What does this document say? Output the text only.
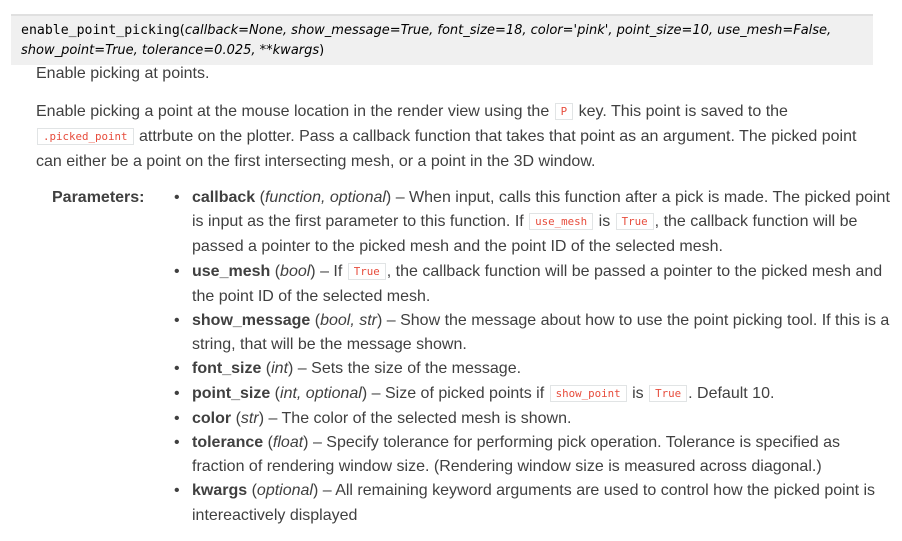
enable_point_picking(callback=None, show_message=True, font_size=18, color='pink', point_size=10, use_mesh=False, show_point=True, tolerance=0.025, **kwargs)

Enable picking at points.

Enable picking a point at the mouse location in the render view using the P key. This point is saved to the .picked_point attrbute on the plotter. Pass a callback function that takes that point as an argument. The picked point can either be a point on the first intersecting mesh, or a point in the 3D window.

Parameters: • callback (function, optional) – When input, calls this function after a pick is made. The picked point is input as the first parameter to this function. If use_mesh is True , the callback function will be passed a pointer to the picked mesh and the point ID of the selected mesh.
• use_mesh (bool) – If True , the callback function will be passed a pointer to the picked mesh and the point ID of the selected mesh.
• show_message (bool, str) – Show the message about how to use the point picking tool. If this is a string, that will be the message shown.
• font_size (int) – Sets the size of the message.
• point_size (int, optional) – Size of picked points if show_point is True . Default 10.
• color (str) – The color of the selected mesh is shown.
• tolerance (float) – Specify tolerance for performing pick operation. Tolerance is specified as fraction of rendering window size. (Rendering window size is measured across diagonal.)
• kwargs (optional) – All remaining keyword arguments are used to control how the picked point is intereactively displayed
